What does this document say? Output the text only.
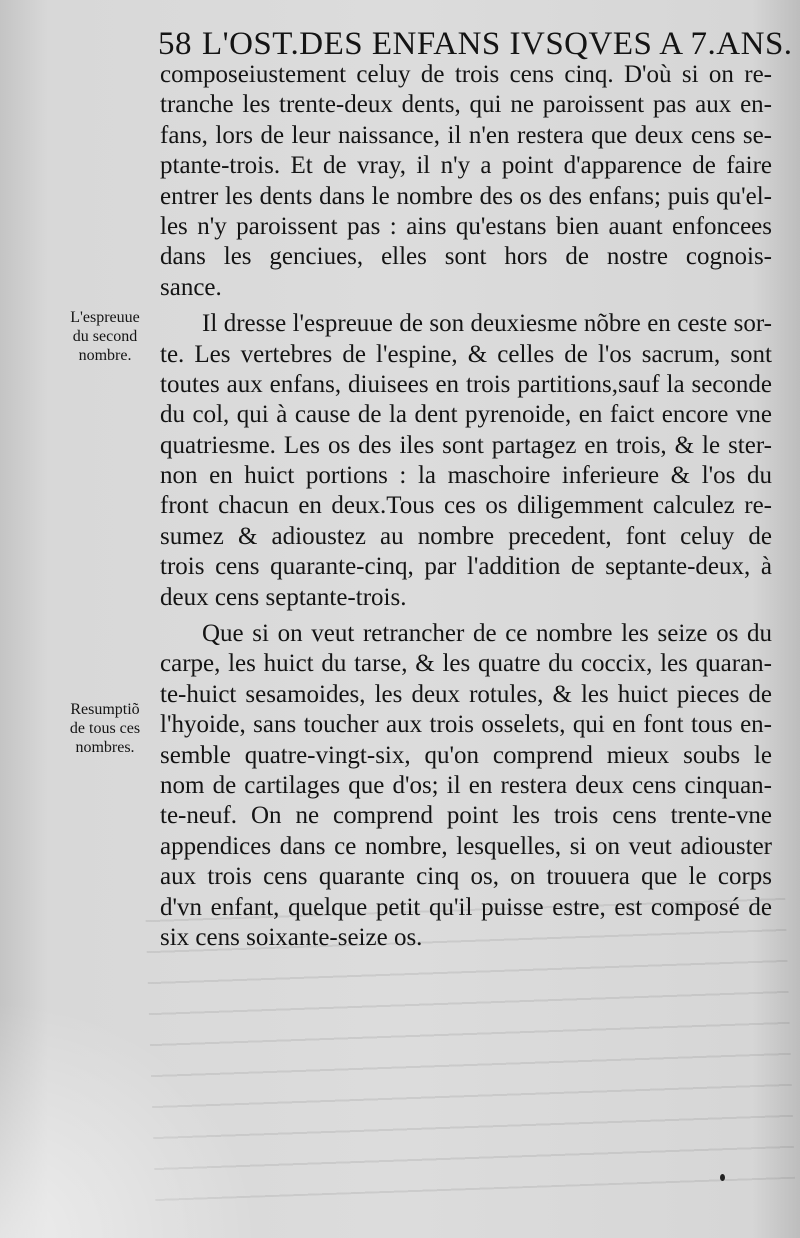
58 L'OST.DES ENFANS IVSQVES A 7.ANS.
composeiustement celuy de trois cens cinq. D'où si on re-
tranche les trente-deux dents, qui ne paroissent pas aux en-
fans, lors de leur naissance, il n'en restera que deux cens se-
ptante-trois. Et de vray, il n'y a point d'apparence de faire
entrer les dents dans le nombre des os des enfans; puis qu'el-
les n'y paroissent pas : ains qu'estans bien auant enfoncees
dans les genciues, elles sont hors de nostre cognois-
sance.
Il dresse l'espreuue de son deuxiesme nõbre en ceste sor-
te. Les vertebres de l'espine, & celles de l'os sacrum, sont
toutes aux enfans, diuisees en trois partitions,sauf la seconde
du col, qui à cause de la dent pyrenoide, en faict encore vne
quatriesme. Les os des iles sont partagez en trois, & le ster-
non en huict portions : la maschoire inferieure & l'os du
front chacun en deux.Tous ces os diligemment calculez re-
sumez & adioustez au nombre precedent, font celuy de
trois cens quarante-cinq, par l'addition de septante-deux, à
deux cens septante-trois.
Que si on veut retrancher de ce nombre les seize os du
carpe, les huict du tarse, & les quatre du coccix, les quaran-
te-huict sesamoides, les deux rotules, & les huict pieces de
l'hyoide, sans toucher aux trois osselets, qui en font tous en-
semble quatre-vingt-six, qu'on comprend mieux soubs le
nom de cartilages que d'os; il en restera deux cens cinquan-
te-neuf. On ne comprend point les trois cens trente-vne
appendices dans ce nombre, lesquelles, si on veut adiouster
aux trois cens quarante cinq os, on trouuera que le corps
d'vn enfant, quelque petit qu'il puisse estre, est composé de
six cens soixante-seize os.
L'espreuue
du second
nombre.
Resumptiõ
de tous ces
nombres.
